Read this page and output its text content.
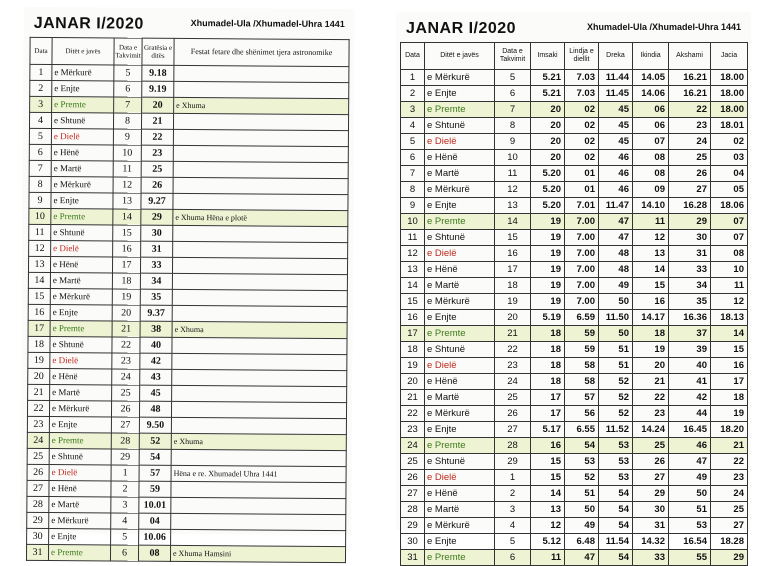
JANAR I/2020	Xhumadel-Ula /Xhumadel-Uhra 1441
Data	Ditët e javës	Data e Takvimit	Gratësia e ditës	Festat fetare dhe shënimet tjera astronomike
1	e Mërkurë	5	9.18	
2	e Enjte	6	9.19	
3	e Premte	7	20	e Xhuma
4	e Shtunë	8	21	
5	e Dielë	9	22	
6	e Hënë	10	23	
7	e Martë	11	25	
8	e Mërkurë	12	26	
9	e Enjte	13	9.27	
10	e Premte	14	29	e Xhuma Hëna e plotë
11	e Shtunë	15	30	
12	e Dielë	16	31	
13	e Hënë	17	33	
14	e Martë	18	34	
15	e Mërkurë	19	35	
16	e Enjte	20	9.37	
17	e Premte	21	38	e Xhuma
18	e Shtunë	22	40	
19	e Dielë	23	42	
20	e Hënë	24	43	
21	e Martë	25	45	
22	e Mërkurë	26	48	
23	e Enjte	27	9.50	
24	e Premte	28	52	e Xhuma
25	e Shtunë	29	54	
26	e Dielë	1	57	Hëna e re. Xhumadel Uhra 1441
27	e Hënë	2	59	
28	e Martë	3	10.01	
29	e Mërkurë	4	04	
30	e Enjte	5	10.06	
31	e Premte	6	08	e Xhuma Hamsini
JANAR I/2020	Xhumadel-Ula /Xhumadel-Uhra 1441
Data	Ditët e javës	Data e Takvimit	Imsaki	Lindja e diellit	Dreka	Ikindia	Akshami	Jacia
1	e Mërkurë	5	5.21	7.03	11.44	14.05	16.21	18.00
2	e Enjte	6	5.21	7.03	11.45	14.06	16.21	18.00
3	e Premte	7	20	02	45	06	22	18.00
4	e Shtunë	8	20	02	45	06	23	18.01
5	e Dielë	9	20	02	45	07	24	02
6	e Hënë	10	20	02	46	08	25	03
7	e Martë	11	5.20	01	46	08	26	04
8	e Mërkurë	12	5.20	01	46	09	27	05
9	e Enjte	13	5.20	7.01	11.47	14.10	16.28	18.06
10	e Premte	14	19	7.00	47	11	29	07
11	e Shtunë	15	19	7.00	47	12	30	07
12	e Dielë	16	19	7.00	48	13	31	08
13	e Hënë	17	19	7.00	48	14	33	10
14	e Martë	18	19	7.00	49	15	34	11
15	e Mërkurë	19	19	7.00	50	16	35	12
16	e Enjte	20	5.19	6.59	11.50	14.17	16.36	18.13
17	e Premte	21	18	59	50	18	37	14
18	e Shtunë	22	18	59	51	19	39	15
19	e Dielë	23	18	58	51	20	40	16
20	e Hënë	24	18	58	52	21	41	17
21	e Martë	25	17	57	52	22	42	18
22	e Mërkurë	26	17	56	52	23	44	19
23	e Enjte	27	5.17	6.55	11.52	14.24	16.45	18.20
24	e Premte	28	16	54	53	25	46	21
25	e Shtunë	29	15	53	53	26	47	22
26	e Dielë	1	15	52	53	27	49	23
27	e Hënë	2	14	51	54	29	50	24
28	e Martë	3	13	50	54	30	51	25
29	e Mërkurë	4	12	49	54	31	53	27
30	e Enjte	5	5.12	6.48	11.54	14.32	16.54	18.28
31	e Premte	6	11	47	54	33	55	29
